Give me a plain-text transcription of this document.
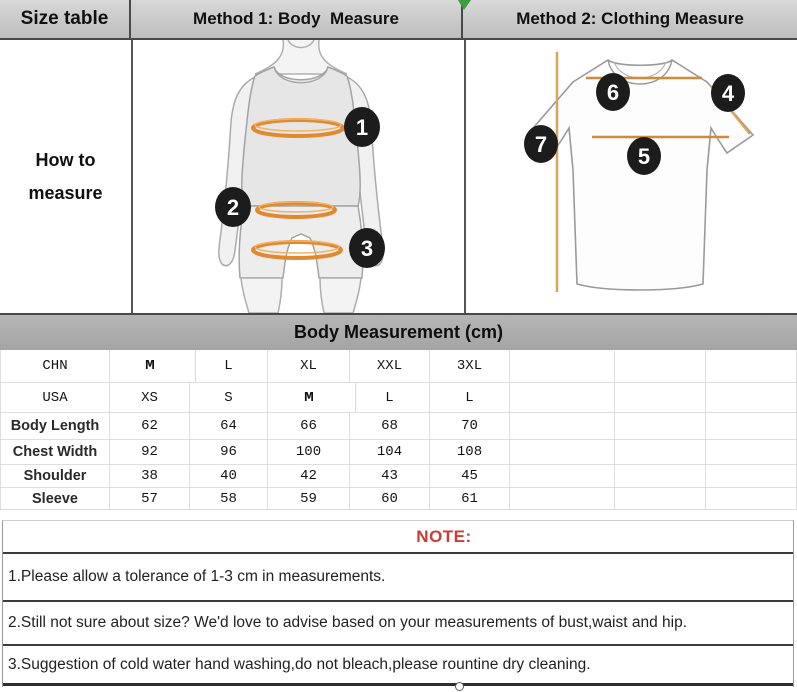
Size table	Method 1: Body  Measure	Method 2: Clothing Measure
How to
measure
1
2
3
6	4
5
7
Body Measurement (cm)
CHN	M	L	XL	XXL	3XL
USA	XS	S	M	L	L
Body Length	62	64	66	68	70
Chest Width	92	96	100	104	108
Shoulder	38	40	42	43	45
Sleeve	57	58	59	60	61
NOTE:
1.Please allow a tolerance of 1-3 cm in measurements.
2.Still not sure about size? We'd love to advise based on your measurements of bust,waist and hip.
3.Suggestion of cold water hand washing,do not bleach,please rountine dry cleaning.
